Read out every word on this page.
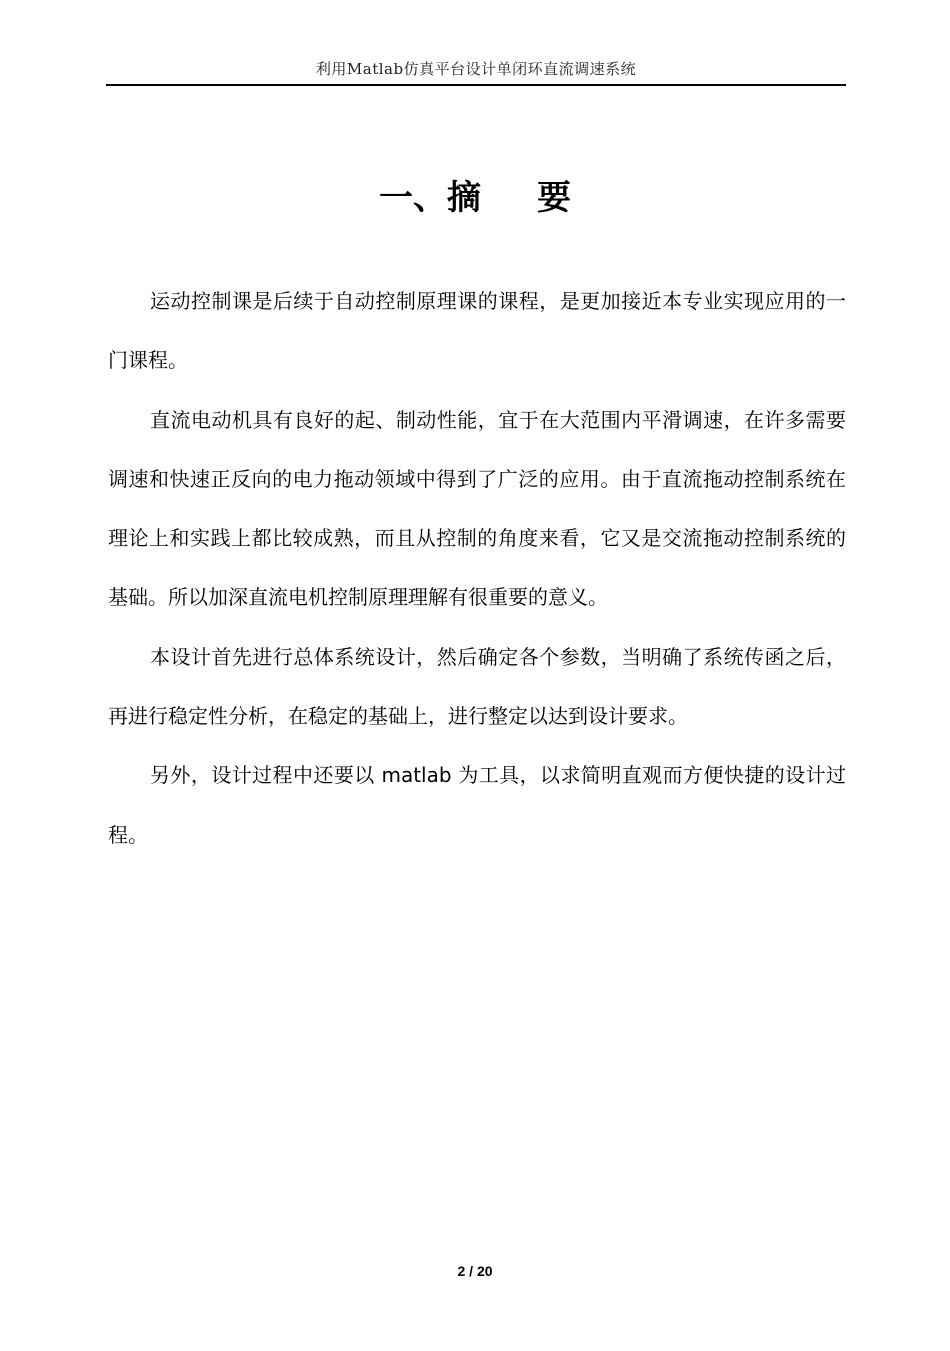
利用Matlab仿真平台设计单闭环直流调速系统
一、摘 要

运动控制课是后续于自动控制原理课的课程，是更加接近本专业实现应用的一门课程。

直流电动机具有良好的起、制动性能，宜于在大范围内平滑调速，在许多需要调速和快速正反向的电力拖动领域中得到了广泛的应用。由于直流拖动控制系统在理论上和实践上都比较成熟，而且从控制的角度来看，它又是交流拖动控制系统的基础。所以加深直流电机控制原理理解有很重要的意义。

本设计首先进行总体系统设计，然后确定各个参数，当明确了系统传函之后，再进行稳定性分析，在稳定的基础上，进行整定以达到设计要求。

另外，设计过程中还要以 matlab 为工具，以求简明直观而方便快捷的设计过程。

2 / 20
